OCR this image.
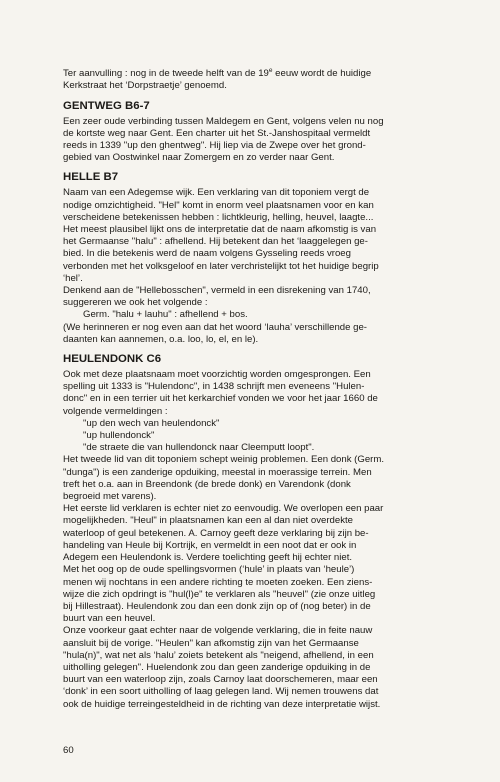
Ter aanvulling : nog in de tweede helft van de 19e eeuw wordt de huidige

Kerkstraat het ‘Dorpstraetje’ genoemd.

GENTWEG B6-7

Een zeer oude verbinding tussen Maldegem en Gent, volgens velen nu nog

de kortste weg naar Gent. Een charter uit het St.-Janshospitaal vermeldt

reeds in 1339 "up den ghentweg". Hij liep via de Zwepe over het grond-

gebied van Oostwinkel naar Zomergem en zo verder naar Gent.

HELLE B7

Naam van een Adegemse wijk. Een verklaring van dit toponiem vergt de

nodige omzichtigheid. "Hel" komt in enorm veel plaatsnamen voor en kan

verscheidene betekenissen hebben : lichtkleurig, helling, heuvel, laagte...

Het meest plausibel lijkt ons de interpretatie dat de naam afkomstig is van

het Germaanse "halu" : afhellend. Hij betekent dan het ‘laaggelegen ge-

bied. In die betekenis werd de naam volgens Gysseling reeds vroeg

verbonden met het volksgeloof en later verchristelijkt tot het huidige begrip

‘hel’.

Denkend aan de "Hellebosschen", vermeld in een disrekening van 1740,

suggereren we ook het volgende :

Germ. "halu + lauhu" : afhellend + bos.

(We herinneren er nog even aan dat het woord ‘lauha’ verschillende ge-

daanten kan aannemen, o.a. loo, lo, el, en le).

HEULENDONK C6

Ook met deze plaatsnaam moet voorzichtig worden omgesprongen. Een

spelling uit 1333 is "Hulendonc", in 1438 schrijft men eveneens "Hulen-

donc" en in een terrier uit het kerkarchief vonden we voor het jaar 1660 de

volgende vermeldingen :

"up den wech van heulendonck"

"up hullendonck"

"de straete die van hullendonck naar Cleemputt loopt".

Het tweede lid van dit toponiem schept weinig problemen. Een donk (Germ.

"dunga") is een zanderige opduiking, meestal in moerassige terrein. Men

treft het o.a. aan in Breendonk (de brede donk) en Varendonk (donk

begroeid met varens).

Het eerste lid verklaren is echter niet zo eenvoudig. We overlopen een paar

mogelijkheden. "Heul" in plaatsnamen kan een al dan niet overdekte

waterloop of geul betekenen. A. Carnoy geeft deze verklaring bij zijn be-

handeling van Heule bij Kortrijk, en vermeldt in een noot dat er ook in

Adegem een Heulendonk is. Verdere toelichting geeft hij echter niet.

Met het oog op de oude spellingsvormen (‘hule’ in plaats van ‘heule’)

menen wij nochtans in een andere richting te moeten zoeken. Een ziens-

wijze die zich opdringt is "hul(l)e" te verklaren als "heuvel" (zie onze uitleg

bij Hillestraat). Heulendonk zou dan een donk zijn op of (nog beter) in de

buurt van een heuvel.

Onze voorkeur gaat echter naar de volgende verklaring, die in feite nauw

aansluit bij de vorige. "Heulen" kan afkomstig zijn van het Germaanse

"hula(n)", wat net als ‘halu’ zoiets betekent als "neigend, afhellend, in een

uitholling gelegen". Huelendonk zou dan geen zanderige opduiking in de

buurt van een waterloop zijn, zoals Carnoy laat doorschemeren, maar een

‘donk’ in een soort uitholling of laag gelegen land. Wij nemen trouwens dat

ook de huidige terreingesteldheid in de richting van deze interpretatie wijst.

60
